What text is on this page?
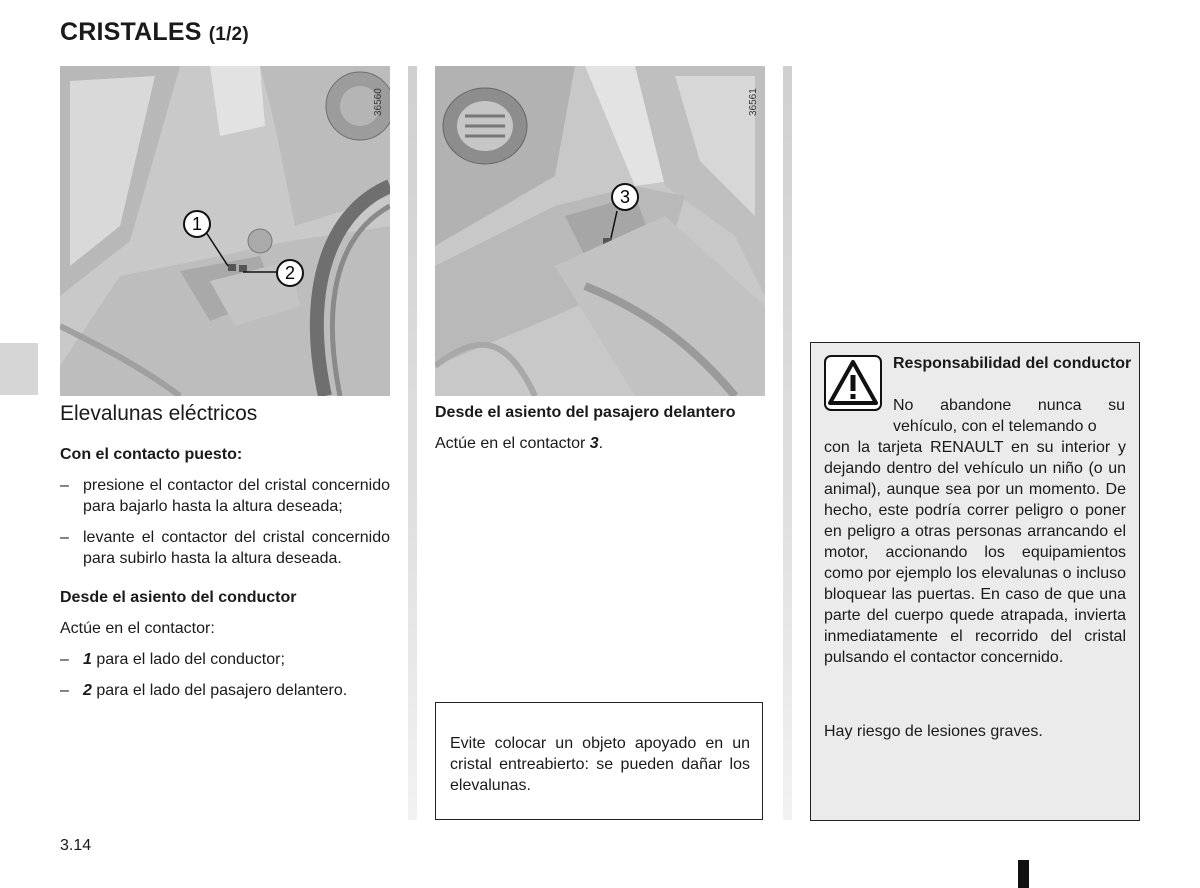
CRISTALES (1/2)
36560
1
2
36561
3
Elevalunas eléctricos
Con el contacto puesto:
– presione el contactor del cristal concernido para bajarlo hasta la altura deseada;
– levante el contactor del cristal concernido para subirlo hasta la altura deseada.
Desde el asiento del conductor

Actúe en el contactor:

– 1 para el lado del conductor;
– 2 para el lado del pasajero delantero.
Desde el asiento del pasajero delantero

Actúe en el contactor 3.

Evite colocar un objeto apoyado en un cristal entreabierto: se pueden dañar los elevalunas.

Responsabilidad del conductor

No abandone nunca su vehículo, con el telemando o

con la tarjeta RENAULT en su interior y dejando dentro del vehículo un niño (o un animal), aunque sea por un momento. De hecho, este podría correr peligro o poner en peligro a otras personas arrancando el motor, accionando los equipamientos como por ejemplo los elevalunas o incluso bloquear las puertas. En caso de que una parte del cuerpo quede atrapada, invierta inmediatamente el recorrido del cristal pulsando el contactor concernido.

Hay riesgo de lesiones graves.

3.14
